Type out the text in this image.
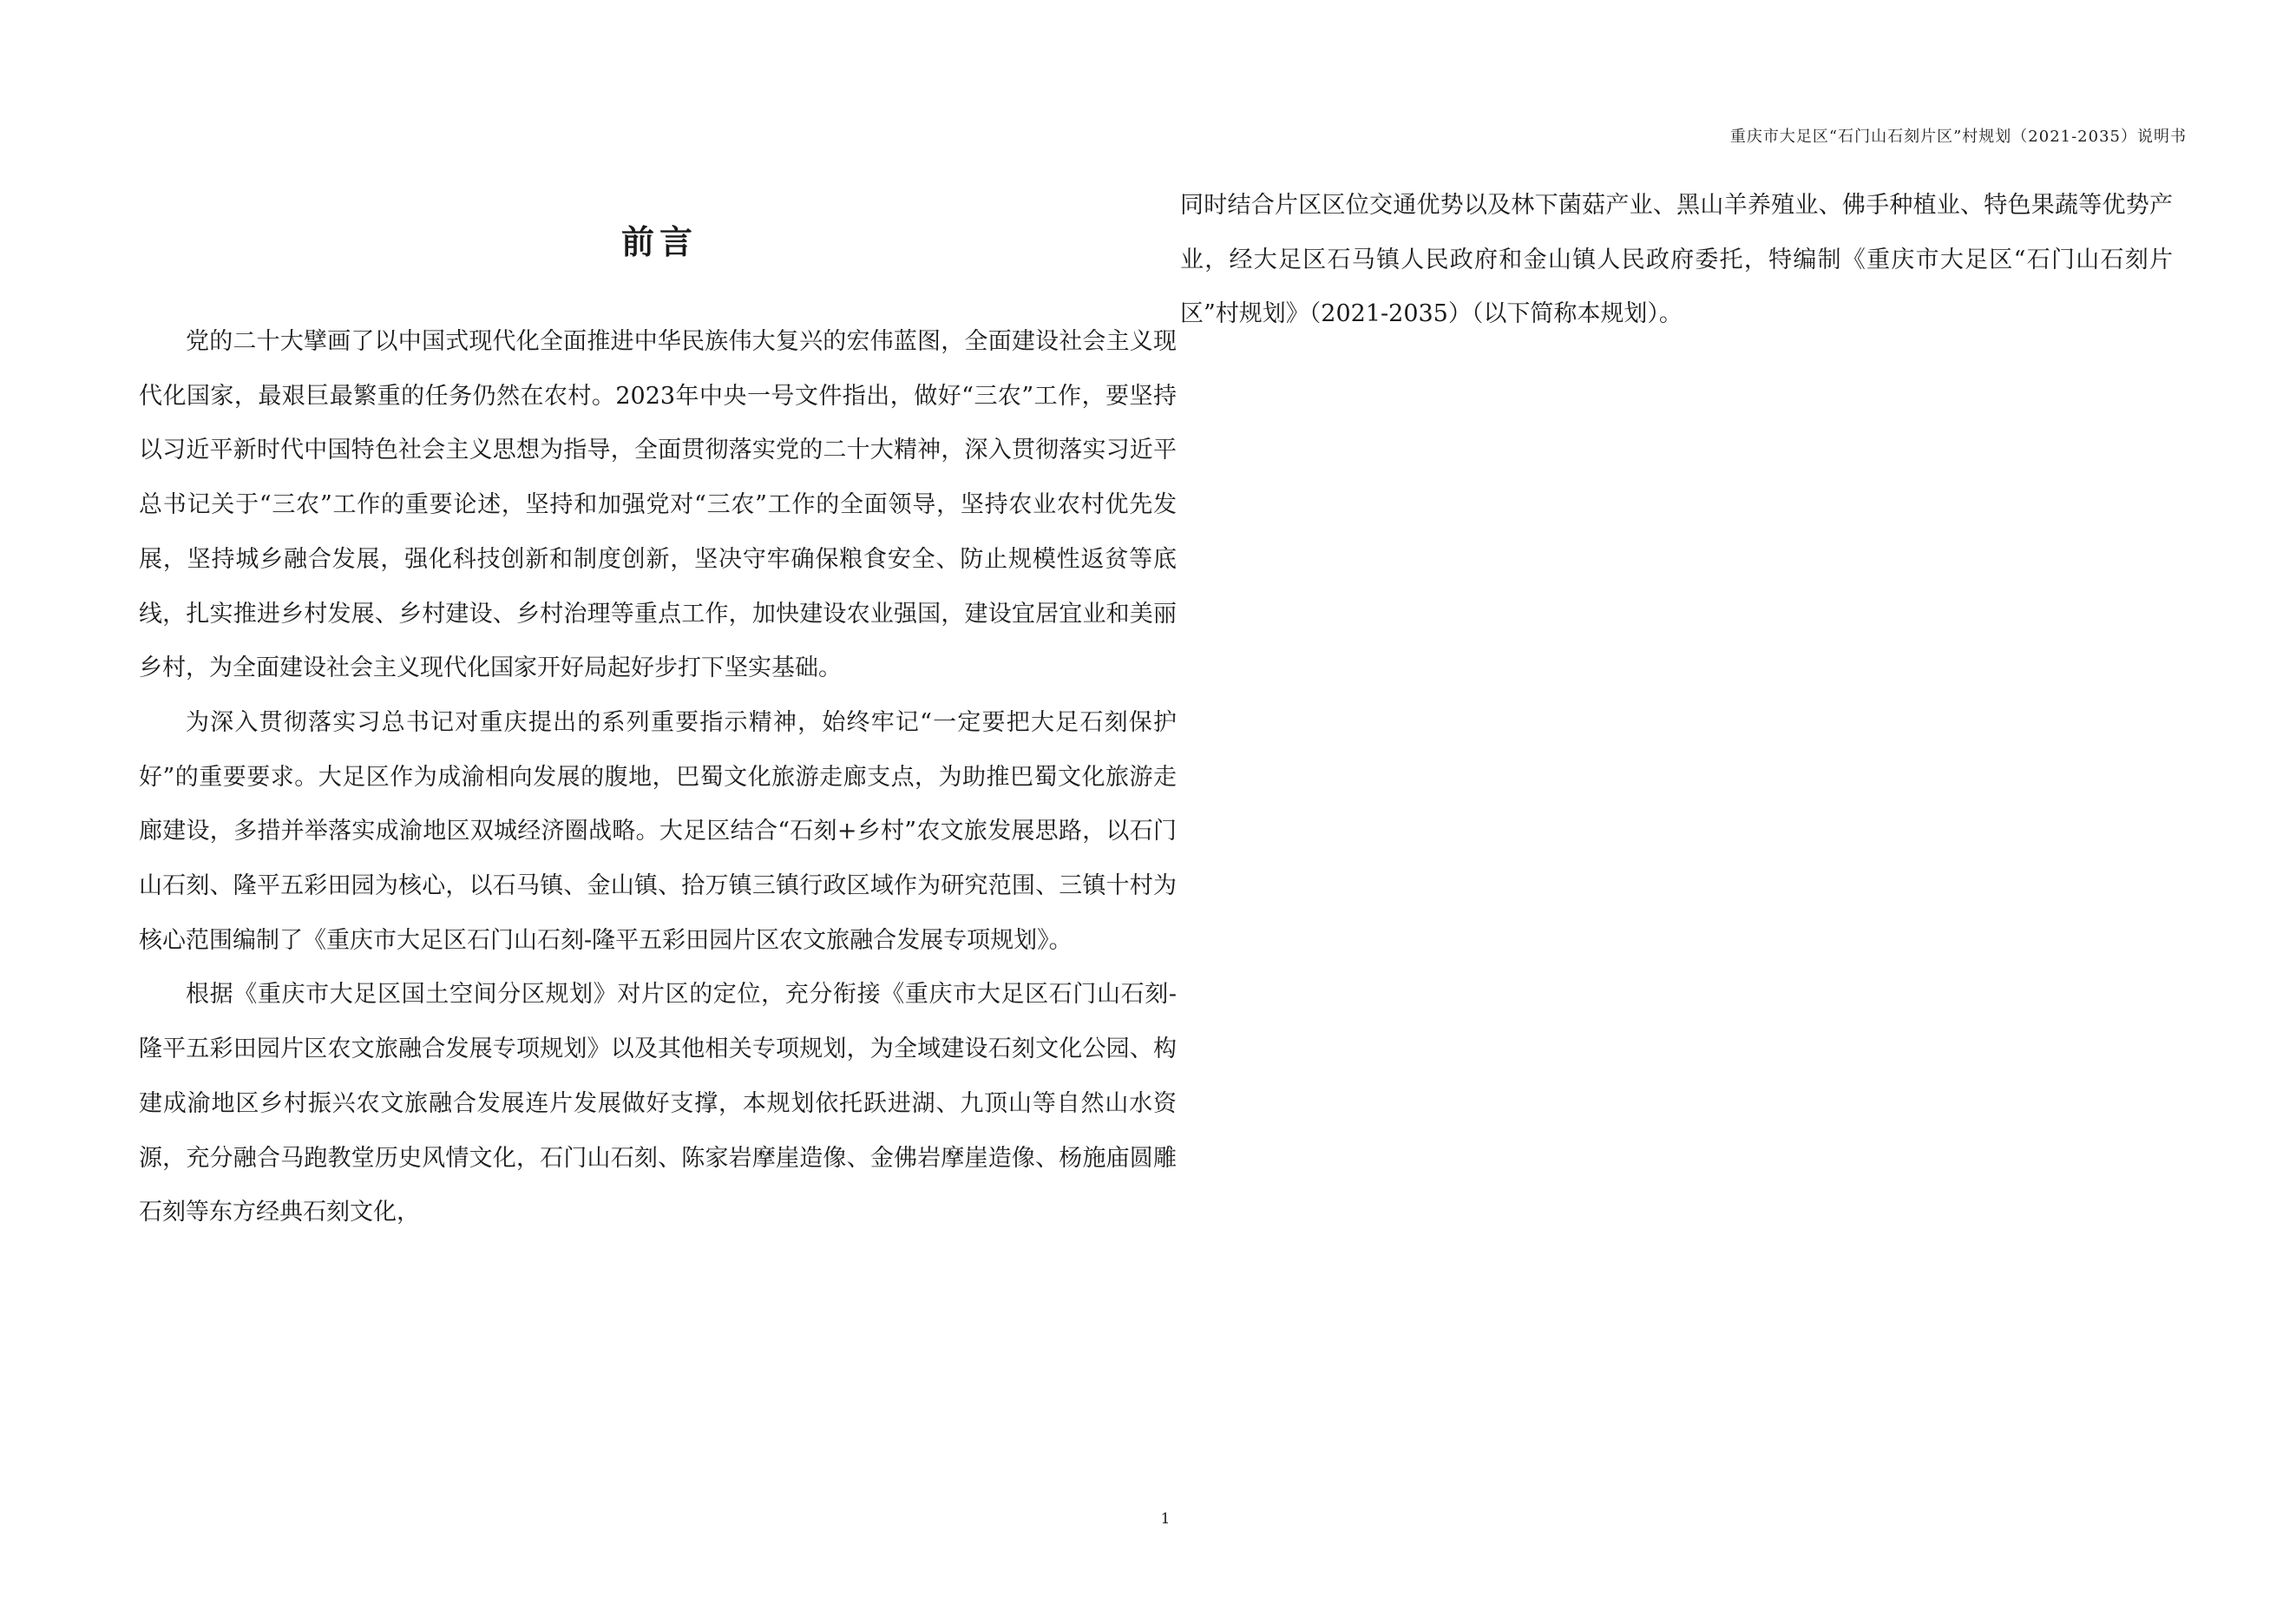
重庆市大足区“石门山石刻片区”村规划（2021-2035）说明书
前言

党的二十大擘画了以中国式现代化全面推进中华民族伟大复兴的宏伟蓝图，全面建设社会主义现代化国家，最艰巨最繁重的任务仍然在农村。2023年中央一号文件指出，做好“三农”工作，要坚持以习近平新时代中国特色社会主义思想为指导，全面贯彻落实党的二十大精神，深入贯彻落实习近平总书记关于“三农”工作的重要论述，坚持和加强党对“三农”工作的全面领导，坚持农业农村优先发展，坚持城乡融合发展，强化科技创新和制度创新，坚决守牢确保粮食安全、防止规模性返贫等底线，扎实推进乡村发展、乡村建设、乡村治理等重点工作，加快建设农业强国，建设宜居宜业和美丽乡村，为全面建设社会主义现代化国家开好局起好步打下坚实基础。

为深入贯彻落实习总书记对重庆提出的系列重要指示精神，始终牢记“一定要把大足石刻保护好”的重要要求。大足区作为成渝相向发展的腹地，巴蜀文化旅游走廊支点，为助推巴蜀文化旅游走廊建设，多措并举落实成渝地区双城经济圈战略。大足区结合“石刻+乡村”农文旅发展思路，以石门山石刻、隆平五彩田园为核心，以石马镇、金山镇、拾万镇三镇行政区域作为研究范围、三镇十村为核心范围编制了《重庆市大足区石门山石刻-隆平五彩田园片区农文旅融合发展专项规划》。

根据《重庆市大足区国土空间分区规划》对片区的定位，充分衔接《重庆市大足区石门山石刻-隆平五彩田园片区农文旅融合发展专项规划》以及其他相关专项规划，为全域建设石刻文化公园、构建成渝地区乡村振兴农文旅融合发展连片发展做好支撑，本规划依托跃进湖、九顶山等自然山水资源，充分融合马跑教堂历史风情文化，石门山石刻、陈家岩摩崖造像、金佛岩摩崖造像、杨施庙圆雕石刻等东方经典石刻文化，

同时结合片区区位交通优势以及林下菌菇产业、黑山羊养殖业、佛手种植业、特色果蔬等优势产业，经大足区石马镇人民政府和金山镇人民政府委托，特编制《重庆市大足区“石门山石刻片区”村规划》（2021-2035）（以下简称本规划）。

1
